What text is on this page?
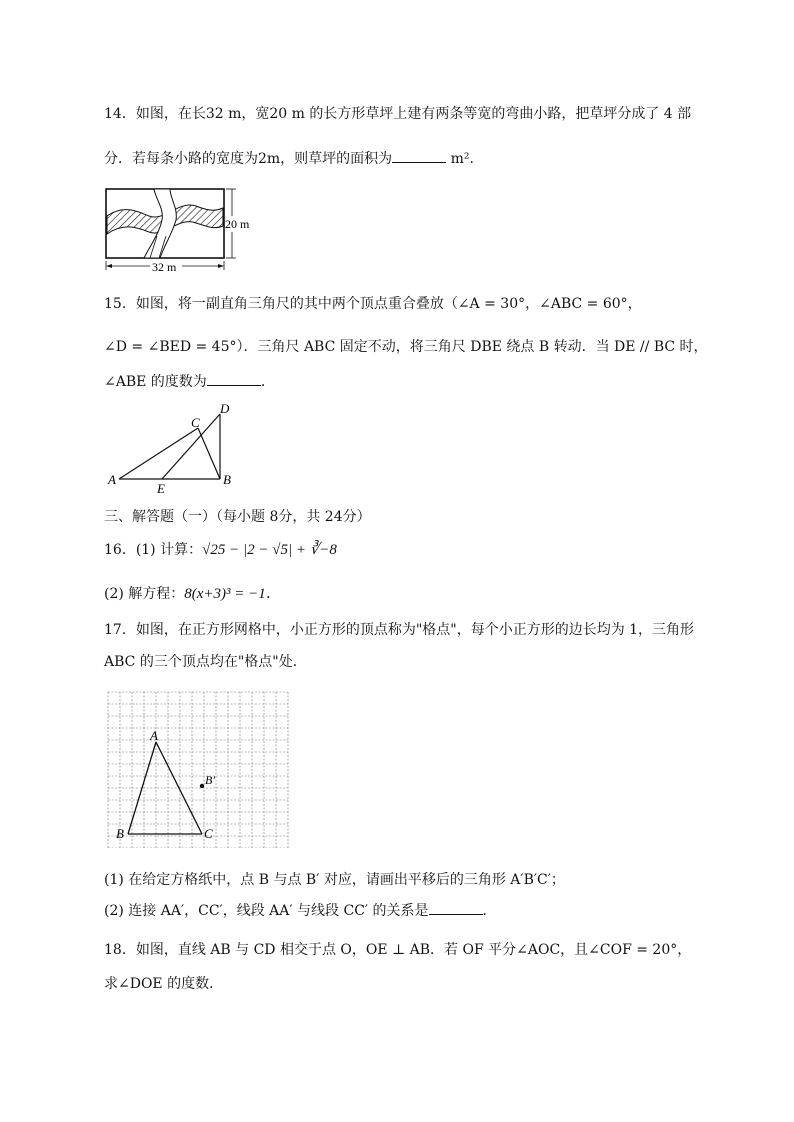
14．如图，在长32 m，宽20 m 的长方形草坪上建有两条等宽的弯曲小路，把草坪分成了 4 部
分．若每条小路的宽度为2m，则草坪的面积为	m².
20 m
32 m
15．如图，将一副直角三角尺的其中两个顶点重合叠放（∠A = 30°，∠ABC = 60°，
∠D = ∠BED = 45°）．三角尺 ABC 固定不动，将三角尺 DBE 绕点 B 转动．当 DE // BC 时，
∠ABE 的度数为	．
A	B
C
D
E
三、解答题（一）（每小题 8分，共 24分）
16．(1) 计算：√25 − |2 − √5| + ∛−8
(2) 解方程：8(x+3)³ = −1．
17．如图，在正方形网格中，小正方形的顶点称为"格点"，每个小正方形的边长均为 1，三角形
ABC 的三个顶点均在"格点"处．
A
B	C
B′
(1) 在给定方格纸中，点 B 与点 B′ 对应，请画出平移后的三角形 A′B′C′；
(2) 连接 AA′，CC′，线段 AA′ 与线段 CC′ 的关系是	．
18．如图，直线 AB 与 CD 相交于点 O，OE ⊥ AB．若 OF 平分∠AOC，且∠COF = 20°，
求∠DOE 的度数．
